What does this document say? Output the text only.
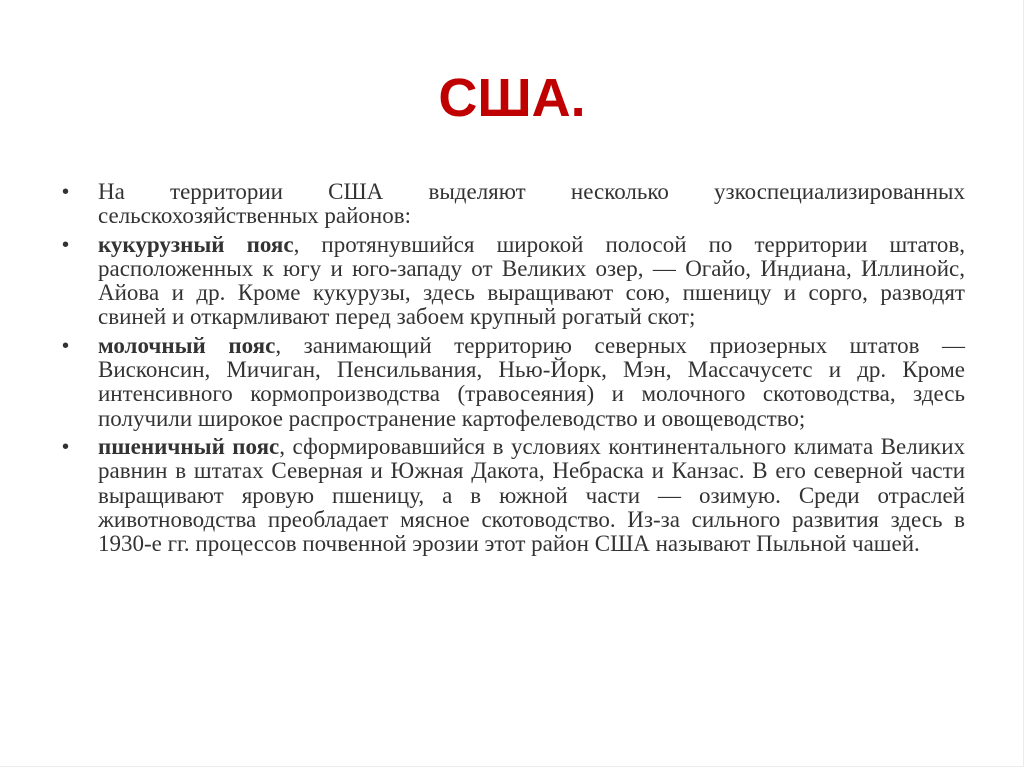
США.
•	На территории США выделяют несколько узкоспециализированных сельскохозяйственных районов:
•	кукурузный пояс, протянувшийся широкой полосой по территории штатов, расположенных к югу и юго-западу от Великих озер, — Огайо, Индиана, Иллинойс, Айова и др. Кроме кукурузы, здесь выращивают сою, пшеницу и сорго, разводят свиней и откармливают перед забоем крупный рогатый скот;
•	молочный пояс, занимающий территорию северных приозерных штатов — Висконсин, Мичиган, Пенсильвания, Нью-Йорк, Мэн, Массачусетс и др. Кроме интенсивного кормопроизводства (травосеяния) и молочного скотоводства, здесь получили широкое распространение картофелеводство и овощеводство;
•	пшеничный пояс, сформировавшийся в условиях континентального климата Великих равнин в штатах Северная и Южная Дакота, Небраска и Канзас. В его северной части выращивают яровую пшеницу, а в южной части — озимую. Среди отраслей животноводства преобладает мясное скотоводство. Из-за сильного развития здесь в 1930-е гг. процессов почвенной эрозии этот район США называют Пыльной чашей.
